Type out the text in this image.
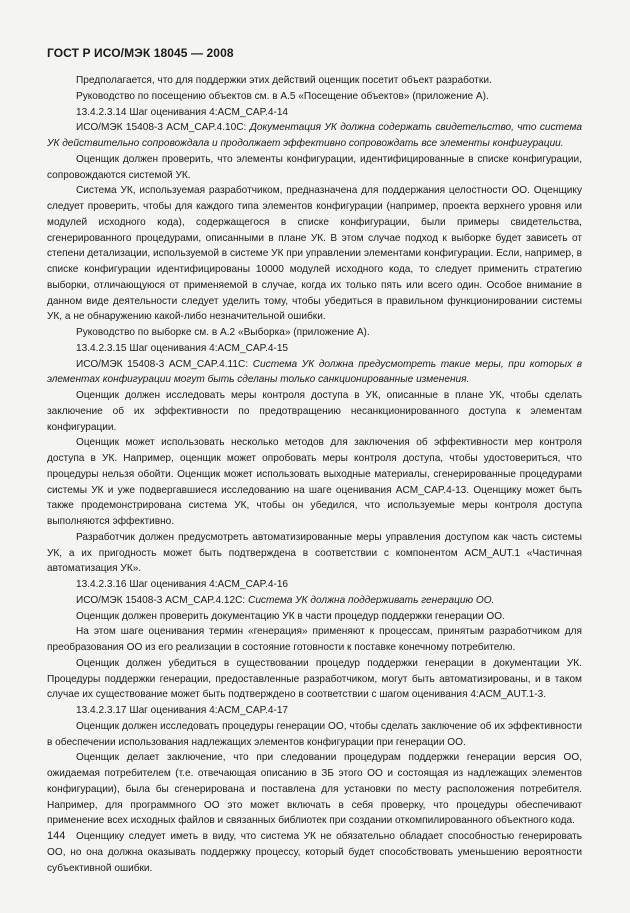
ГОСТ Р ИСО/МЭК 18045 — 2008

Предполагается, что для поддержки этих действий оценщик посетит объект разработки.

Руководство по посещению объектов см. в А.5 «Посещение объектов» (приложение А).

13.4.2.3.14 Шаг оценивания 4:ACM_CAP.4-14

ИСО/МЭК 15408-3 ACM_CAP.4.10C: Документация УК должна содержать свидетельство, что система УК действительно сопровождала и продолжает эффективно сопровождать все элементы конфигурации.

Оценщик должен проверить, что элементы конфигурации, идентифицированные в списке конфигурации, сопровождаются системой УК.

Система УК, используемая разработчиком, предназначена для поддержания целостности ОО. Оценщику следует проверить, чтобы для каждого типа элементов конфигурации (например, проекта верхнего уровня или модулей исходного кода), содержащегося в списке конфигурации, были примеры свидетельства, сгенерированного процедурами, описанными в плане УК. В этом случае подход к выборке будет зависеть от степени детализации, используемой в системе УК при управлении элементами конфигурации. Если, например, в списке конфигурации идентифицированы 10000 модулей исходного кода, то следует применить стратегию выборки, отличающуюся от применяемой в случае, когда их только пять или всего один. Особое внимание в данном виде деятельности следует уделить тому, чтобы убедиться в правильном функционировании системы УК, а не обнаружению какой-либо незначительной ошибки.

Руководство по выборке см. в А.2 «Выборка» (приложение А).

13.4.2.3.15 Шаг оценивания 4:ACM_CAP.4-15

ИСО/МЭК 15408-3 ACM_CAP.4.11C: Система УК должна предусмотреть такие меры, при которых в элементах конфигурации могут быть сделаны только санкционированные изменения.

Оценщик должен исследовать меры контроля доступа в УК, описанные в плане УК, чтобы сделать заключение об их эффективности по предотвращению несанкционированного доступа к элементам конфигурации.

Оценщик может использовать несколько методов для заключения об эффективности мер контроля доступа в УК. Например, оценщик может опробовать меры контроля доступа, чтобы удостовериться, что процедуры нельзя обойти. Оценщик может использовать выходные материалы, сгенерированные процедурами системы УК и уже подвергавшиеся исследованию на шаге оценивания ACM_CAP.4-13. Оценщику может быть также продемонстрирована система УК, чтобы он убедился, что используемые меры контроля доступа выполняются эффективно.

Разработчик должен предусмотреть автоматизированные меры управления доступом как часть системы УК, а их пригодность может быть подтверждена в соответствии с компонентом ACM_AUT.1 «Частичная автоматизация УК».

13.4.2.3.16 Шаг оценивания 4:ACM_CAP.4-16

ИСО/МЭК 15408-3 ACM_CAP.4.12C: Система УК должна поддерживать генерацию ОО.

Оценщик должен проверить документацию УК в части процедур поддержки генерации ОО.

На этом шаге оценивания термин «генерация» применяют к процессам, принятым разработчиком для преобразования ОО из его реализации в состояние готовности к поставке конечному потребителю.

Оценщик должен убедиться в существовании процедур поддержки генерации в документации УК. Процедуры поддержки генерации, предоставленные разработчиком, могут быть автоматизированы, и в таком случае их существование может быть подтверждено в соответствии с шагом оценивания 4:ACM_AUT.1-3.

13.4.2.3.17 Шаг оценивания 4:ACM_CAP.4-17

Оценщик должен исследовать процедуры генерации ОО, чтобы сделать заключение об их эффективности в обеспечении использования надлежащих элементов конфигурации при генерации ОО.

Оценщик делает заключение, что при следовании процедурам поддержки генерации версия ОО, ожидаемая потребителем (т.е. отвечающая описанию в ЗБ этого ОО и состоящая из надлежащих элементов конфигурации), была бы сгенерирована и поставлена для установки по месту расположения потребителя. Например, для программного ОО это может включать в себя проверку, что процедуры обеспечивают применение всех исходных файлов и связанных библиотек при создании откомпилированного объектного кода.

Оценщику следует иметь в виду, что система УК не обязательно обладает способностью генерировать ОО, но она должна оказывать поддержку процессу, который будет способствовать уменьшению вероятности субъективной ошибки.

144
